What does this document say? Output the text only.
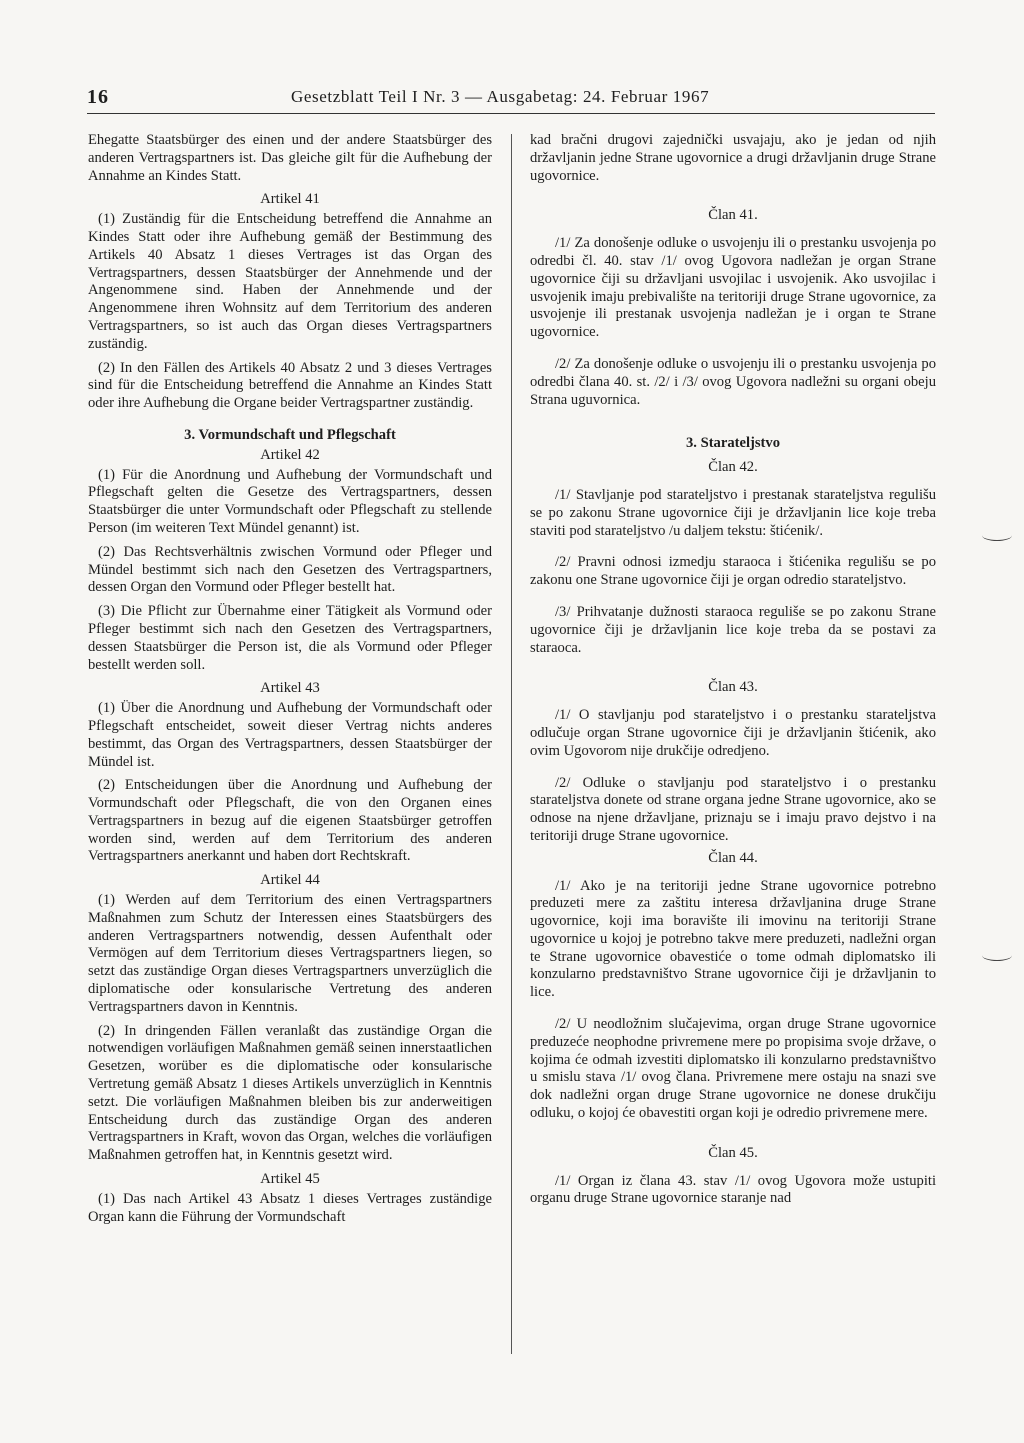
16	Gesetzblatt Teil I Nr. 3 — Ausgabetag: 24. Februar 1967

Ehegatte Staatsbürger des einen und der andere Staatsbürger des anderen Vertragspartners ist. Das gleiche gilt für die Aufhebung der Annahme an Kindes Statt.

Artikel 41

(1) Zuständig für die Entscheidung betreffend die Annahme an Kindes Statt oder ihre Aufhebung gemäß der Bestimmung des Artikels 40 Absatz 1 dieses Vertrages ist das Organ des Vertragspartners, dessen Staatsbürger der Annehmende und der Angenommene sind. Haben der Annehmende und der Angenommene ihren Wohnsitz auf dem Territorium des anderen Vertragspartners, so ist auch das Organ dieses Vertragspartners zuständig.

(2) In den Fällen des Artikels 40 Absatz 2 und 3 dieses Vertrages sind für die Entscheidung betreffend die Annahme an Kindes Statt oder ihre Aufhebung die Organe beider Vertragspartner zuständig.

3. Vormundschaft und Pflegschaft
Artikel 42

(1) Für die Anordnung und Aufhebung der Vormundschaft und Pflegschaft gelten die Gesetze des Vertragspartners, dessen Staatsbürger die unter Vormundschaft oder Pflegschaft zu stellende Person (im weiteren Text Mündel genannt) ist.

(2) Das Rechtsverhältnis zwischen Vormund oder Pfleger und Mündel bestimmt sich nach den Gesetzen des Vertragspartners, dessen Organ den Vormund oder Pfleger bestellt hat.

(3) Die Pflicht zur Übernahme einer Tätigkeit als Vormund oder Pfleger bestimmt sich nach den Gesetzen des Vertragspartners, dessen Staatsbürger die Person ist, die als Vormund oder Pfleger bestellt werden soll.

Artikel 43

(1) Über die Anordnung und Aufhebung der Vormundschaft oder Pflegschaft entscheidet, soweit dieser Vertrag nichts anderes bestimmt, das Organ des Vertragspartners, dessen Staatsbürger der Mündel ist.

(2) Entscheidungen über die Anordnung und Aufhebung der Vormundschaft oder Pflegschaft, die von den Organen eines Vertragspartners in bezug auf die eigenen Staatsbürger getroffen worden sind, werden auf dem Territorium des anderen Vertragspartners anerkannt und haben dort Rechtskraft.

Artikel 44

(1) Werden auf dem Territorium des einen Vertragspartners Maßnahmen zum Schutz der Interessen eines Staatsbürgers des anderen Vertragspartners notwendig, dessen Aufenthalt oder Vermögen auf dem Territorium dieses Vertragspartners liegen, so setzt das zuständige Organ dieses Vertragspartners unverzüglich die diplomatische oder konsularische Vertretung des anderen Vertragspartners davon in Kenntnis.

(2) In dringenden Fällen veranlaßt das zuständige Organ die notwendigen vorläufigen Maßnahmen gemäß seinen innerstaatlichen Gesetzen, worüber es die diplomatische oder konsularische Vertretung gemäß Absatz 1 dieses Artikels unverzüglich in Kenntnis setzt. Die vorläufigen Maßnahmen bleiben bis zur anderweitigen Entscheidung durch das zuständige Organ des anderen Vertragspartners in Kraft, wovon das Organ, welches die vorläufigen Maßnahmen getroffen hat, in Kenntnis gesetzt wird.

Artikel 45

(1) Das nach Artikel 43 Absatz 1 dieses Vertrages zuständige Organ kann die Führung der Vormundschaft

kad bračni drugovi zajednički usvajaju, ako je jedan od njih državljanin jedne Strane ugovornice a drugi državljanin druge Strane ugovornice.

Član 41.

/1/ Za donošenje odluke o usvojenju ili o prestanku usvojenja po odredbi čl. 40. stav /1/ ovog Ugovora nadležan je organ Strane ugovornice čiji su državljani usvojilac i usvojenik. Ako usvojilac i usvojenik imaju prebivalište na teritoriji druge Strane ugovornice, za usvojenje ili prestanak usvojenja nadležan je i organ te Strane ugovornice.

/2/ Za donošenje odluke o usvojenju ili o prestanku usvojenja po odredbi člana 40. st. /2/ i /3/ ovog Ugovora nadležni su organi obeju Strana uguvornica.

3. Starateljstvo
Član 42.

/1/ Stavljanje pod starateljstvo i prestanak starateljstva regulišu se po zakonu Strane ugovornice čiji je državljanin lice koje treba staviti pod starateljstvo /u daljem tekstu: štićenik/.

/2/ Pravni odnosi izmedju staraoca i štićenika regulišu se po zakonu one Strane ugovornice čiji je organ odredio starateljstvo.

/3/ Prihvatanje dužnosti staraoca reguliše se po zakonu Strane ugovornice čiji je državljanin lice koje treba da se postavi za staraoca.

Član 43.

/1/ O stavljanju pod starateljstvo i o prestanku starateljstva odlučuje organ Strane ugovornice čiji je državljanin štićenik, ako ovim Ugovorom nije drukčije odredjeno.

/2/ Odluke o stavljanju pod starateljstvo i o prestanku starateljstva donete od strane organa jedne Strane ugovornice, ako se odnose na njene državljane, priznaju se i imaju pravo dejstvo i na teritoriji druge Strane ugovornice.

Član 44.

/1/ Ako je na teritoriji jedne Strane ugovornice potrebno preduzeti mere za zaštitu interesa državljanina druge Strane ugovornice, koji ima boravište ili imovinu na teritoriji Strane ugovornice u kojoj je potrebno takve mere preduzeti, nadležni organ te Strane ugovornice obavestiće o tome odmah diplomatsko ili konzularno predstavništvo Strane ugovornice čiji je državljanin to lice.

/2/ U neodložnim slučajevima, organ druge Strane ugovornice preduzeće neophodne privremene mere po propisima svoje države, o kojima će odmah izvestiti diplomatsko ili konzularno predstavništvo u smislu stava /1/ ovog člana. Privremene mere ostaju na snazi sve dok nadležni organ druge Strane ugovornice ne donese drukčiju odluku, o kojoj će obavestiti organ koji je odredio privremene mere.

Član 45.

/1/ Organ iz člana 43. stav /1/ ovog Ugovora može ustupiti organu druge Strane ugovornice staranje nad
